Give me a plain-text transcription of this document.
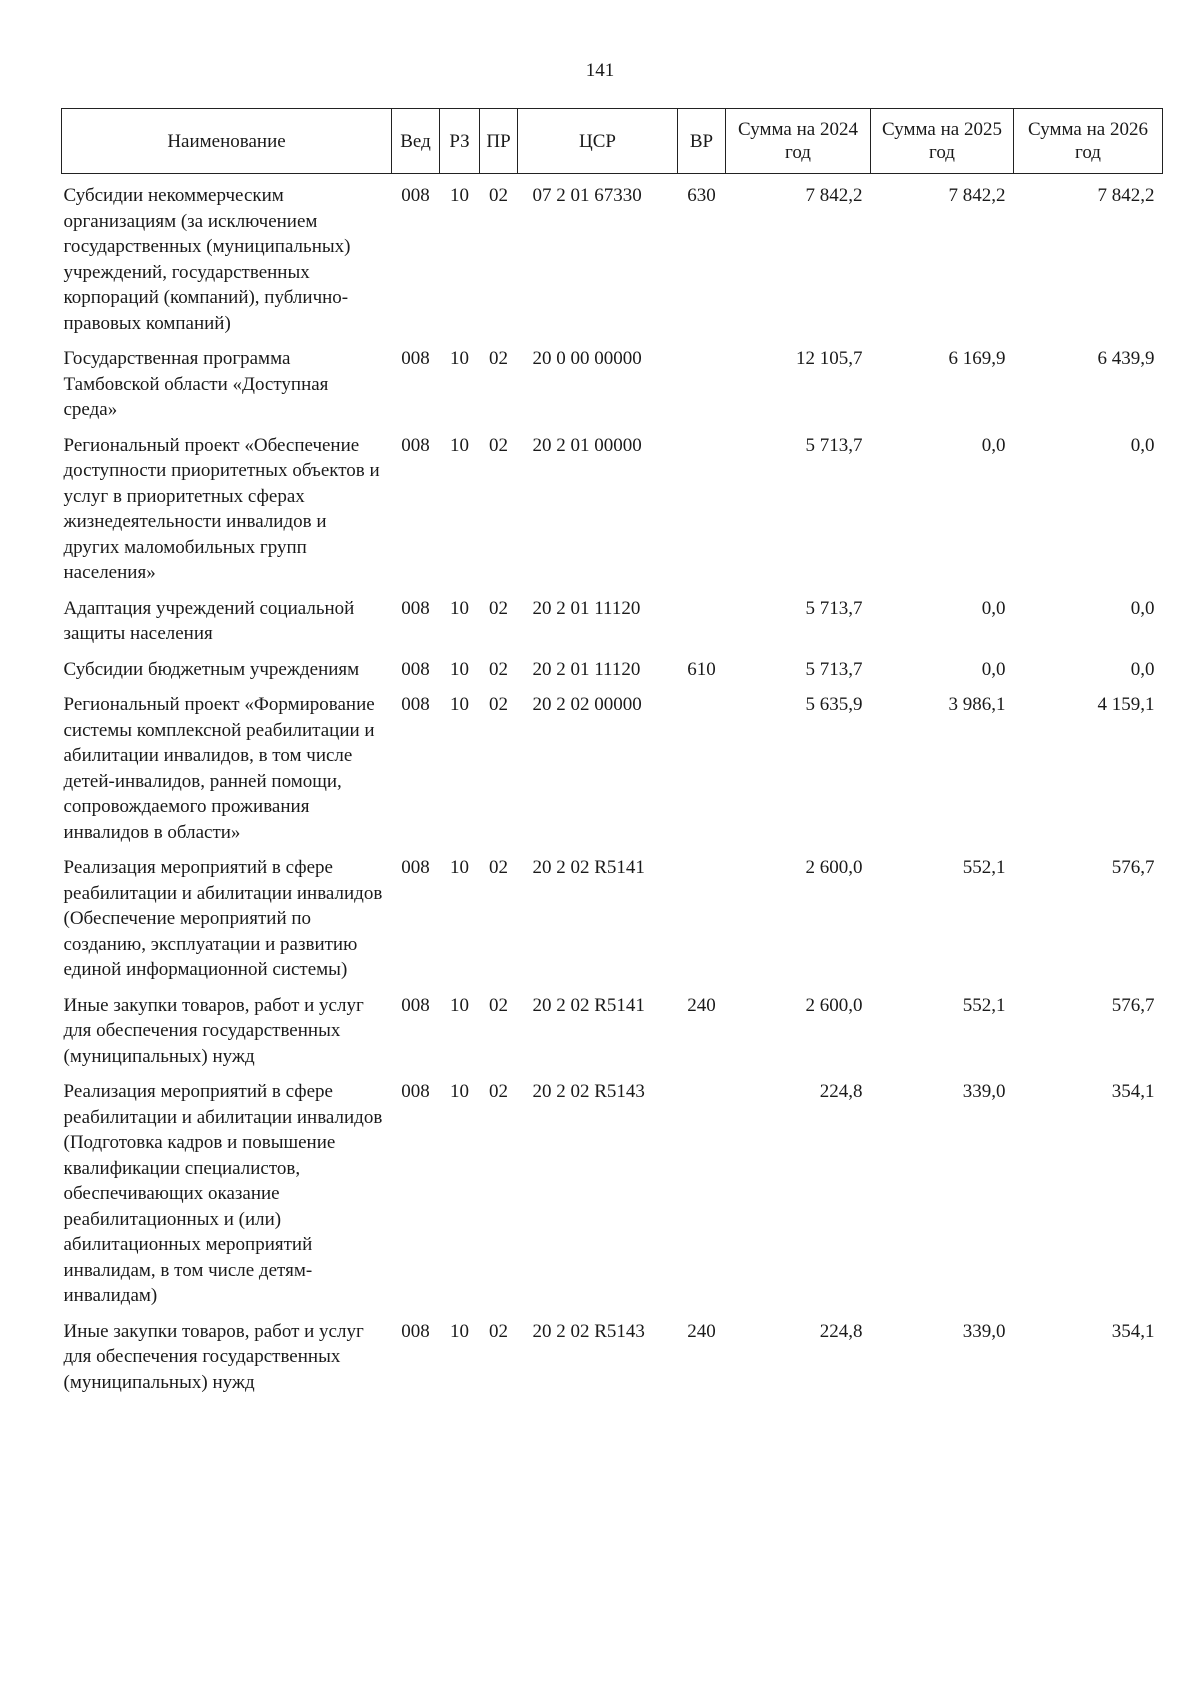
141
Наименование	Вед	РЗ	ПР	ЦСР	ВР	Сумма на 2024 год	Сумма на 2025 год	Сумма на 2026 год
Субсидии некоммерческим организациям (за исключением государственных (муниципальных) учреждений, государственных корпораций (компаний), публично-правовых компаний)	008	10	02	07 2 01 67330	630	7 842,2	7 842,2	7 842,2
Государственная программа Тамбовской области «Доступная среда»	008	10	02	20 0 00 00000		12 105,7	6 169,9	6 439,9
Региональный проект «Обеспечение доступности приоритетных объектов и услуг в приоритетных сферах жизнедеятельности инвалидов и других маломобильных групп населения»	008	10	02	20 2 01 00000		5 713,7	0,0	0,0
Адаптация учреждений социальной защиты населения	008	10	02	20 2 01 11120		5 713,7	0,0	0,0
Субсидии бюджетным учреждениям	008	10	02	20 2 01 11120	610	5 713,7	0,0	0,0
Региональный проект «Формирование системы комплексной реабилитации и абилитации инвалидов, в том числе детей-инвалидов, ранней помощи, сопровождаемого проживания инвалидов в области»	008	10	02	20 2 02 00000		5 635,9	3 986,1	4 159,1
Реализация мероприятий в сфере реабилитации и абилитации инвалидов (Обеспечение мероприятий по созданию, эксплуатации и развитию единой информационной системы)	008	10	02	20 2 02 R5141		2 600,0	552,1	576,7
Иные закупки товаров, работ и услуг для обеспечения государственных (муниципальных) нужд	008	10	02	20 2 02 R5141	240	2 600,0	552,1	576,7
Реализация мероприятий в сфере реабилитации и абилитации инвалидов (Подготовка кадров и повышение квалификации специалистов, обеспечивающих оказание реабилитационных и (или) абилитационных мероприятий инвалидам, в том числе детям-инвалидам)	008	10	02	20 2 02 R5143		224,8	339,0	354,1
Иные закупки товаров, работ и услуг для обеспечения государственных (муниципальных) нужд	008	10	02	20 2 02 R5143	240	224,8	339,0	354,1
